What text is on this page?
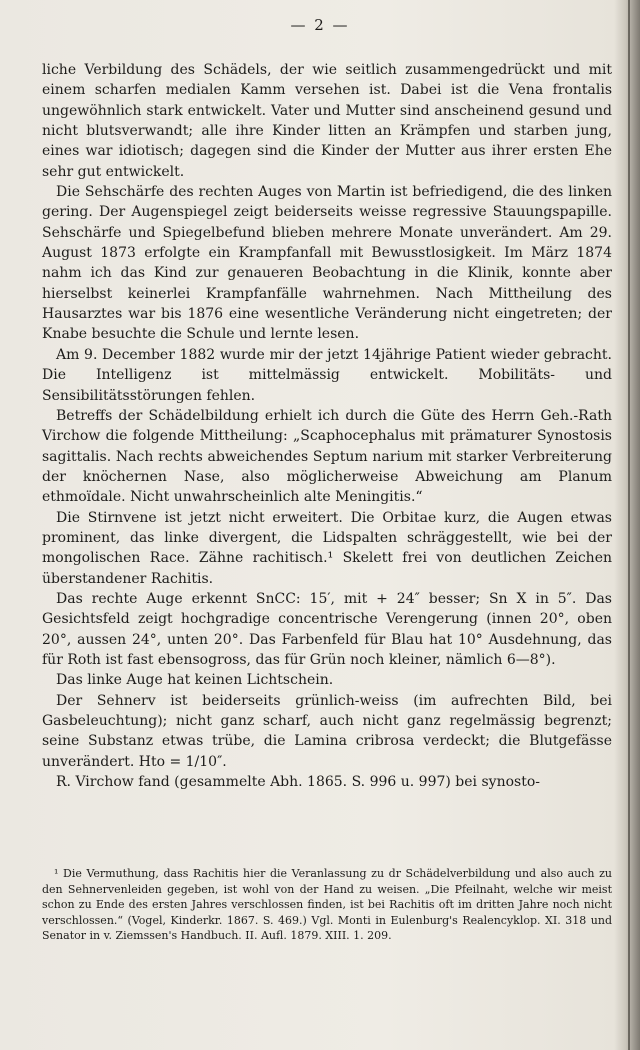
— 2 —

liche Verbildung des Schädels, der wie seitlich zusammengedrückt und mit einem scharfen medialen Kamm versehen ist. Dabei ist die Vena frontalis ungewöhnlich stark entwickelt. Vater und Mutter sind anscheinend gesund und nicht blutsverwandt; alle ihre Kinder litten an Krämpfen und starben jung, eines war idiotisch; dagegen sind die Kinder der Mutter aus ihrer ersten Ehe sehr gut entwickelt.

Die Sehschärfe des rechten Auges von Martin ist befriedigend, die des linken gering. Der Augenspiegel zeigt beiderseits weisse regressive Stauungspapille. Sehschärfe und Spiegelbefund blieben mehrere Monate unverändert. Am 29. August 1873 erfolgte ein Krampfanfall mit Bewusstlosigkeit. Im März 1874 nahm ich das Kind zur genaueren Beobachtung in die Klinik, konnte aber hierselbst keinerlei Krampfanfälle wahrnehmen. Nach Mittheilung des Hausarztes war bis 1876 eine wesentliche Veränderung nicht eingetreten; der Knabe besuchte die Schule und lernte lesen.

Am 9. December 1882 wurde mir der jetzt 14jährige Patient wieder gebracht. Die Intelligenz ist mittelmässig entwickelt. Mobilitäts- und Sensibilitätsstörungen fehlen.

Betreffs der Schädelbildung erhielt ich durch die Güte des Herrn Geh.-Rath Virchow die folgende Mittheilung: „Scaphocephalus mit prämaturer Synostosis sagittalis. Nach rechts abweichendes Septum narium mit starker Verbreiterung der knöchernen Nase, also möglicherweise Abweichung am Planum ethmoïdale. Nicht unwahrscheinlich alte Meningitis.“

Die Stirnvene ist jetzt nicht erweitert. Die Orbitae kurz, die Augen etwas prominent, das linke divergent, die Lidspalten schräggestellt, wie bei der mongolischen Race. Zähne rachitisch.¹ Skelett frei von deutlichen Zeichen überstandener Rachitis.

Das rechte Auge erkennt SnCC: 15′, mit + 24″ besser; Sn X in 5″. Das Gesichtsfeld zeigt hochgradige concentrische Verengerung (innen 20°, oben 20°, aussen 24°, unten 20°. Das Farbenfeld für Blau hat 10° Ausdehnung, das für Roth ist fast ebensogross, das für Grün noch kleiner, nämlich 6—8°).

Das linke Auge hat keinen Lichtschein.

Der Sehnerv ist beiderseits grünlich-weiss (im aufrechten Bild, bei Gasbeleuchtung); nicht ganz scharf, auch nicht ganz regelmässig begrenzt; seine Substanz etwas trübe, die Lamina cribrosa verdeckt; die Blutgefässe unverändert. Hto = 1/10″.

R. Virchow fand (gesammelte Abh. 1865. S. 996 u. 997) bei synosto-

¹ Die Vermuthung, dass Rachitis hier die Veranlassung zu dr Schädelverbildung und also auch zu den Sehnervenleiden gegeben, ist wohl von der Hand zu weisen. „Die Pfeilnaht, welche wir meist schon zu Ende des ersten Jahres verschlossen finden, ist bei Rachitis oft im dritten Jahre noch nicht verschlossen.“ (Vogel, Kinderkr. 1867. S. 469.) Vgl. Monti in Eulenburg's Realencyklop. XI. 318 und Senator in v. Ziemssen's Handbuch. II. Aufl. 1879. XIII. 1. 209.
